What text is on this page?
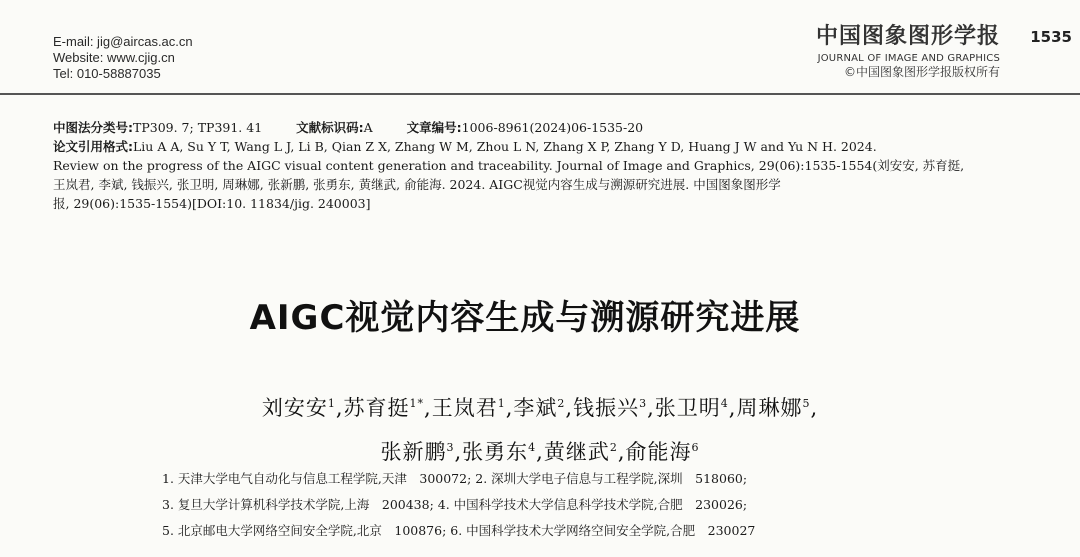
E-mail: jig@aircas.ac.cn
Website: www.cjig.cn
Tel: 010-58887035
中国图象图形学报
JOURNAL OF IMAGE AND GRAPHICS
©中国图象图形学报版权所有
1535
中图法分类号:TP309. 7; TP391. 41	文献标识码:A	文章编号:1006-8961(2024)06-1535-20
论文引用格式:Liu A A, Su Y T, Wang L J, Li B, Qian Z X, Zhang W M, Zhou L N, Zhang X P, Zhang Y D, Huang J W and Yu N H. 2024.
Review on the progress of the AIGC visual content generation and traceability. Journal of Image and Graphics, 29(06):1535-1554(刘安安, 苏育挺,
王岚君, 李斌, 钱振兴, 张卫明, 周琳娜, 张新鹏, 张勇东, 黄继武, 俞能海. 2024. AIGC视觉内容生成与溯源研究进展. 中国图象图形学
报, 29(06):1535-1554)[DOI:10. 11834/jig. 240003]
AIGC视觉内容生成与溯源研究进展
刘安安$^1$,苏育挺$^{1*}$,王岚君$^1$,李斌$^2$,钱振兴$^3$,张卫明$^4$,周琳娜$^5$,
张新鹏$^3$,张勇东$^4$,黄继武$^2$,俞能海$^6$
1. 天津大学电气自动化与信息工程学院,天津　300072; 2. 深圳大学电子信息与工程学院,深圳　518060;
3. 复旦大学计算机科学技术学院,上海　200438; 4. 中国科学技术大学信息科学技术学院,合肥　230026;
5. 北京邮电大学网络空间安全学院,北京　100876; 6. 中国科学技术大学网络空间安全学院,合肥　230027
